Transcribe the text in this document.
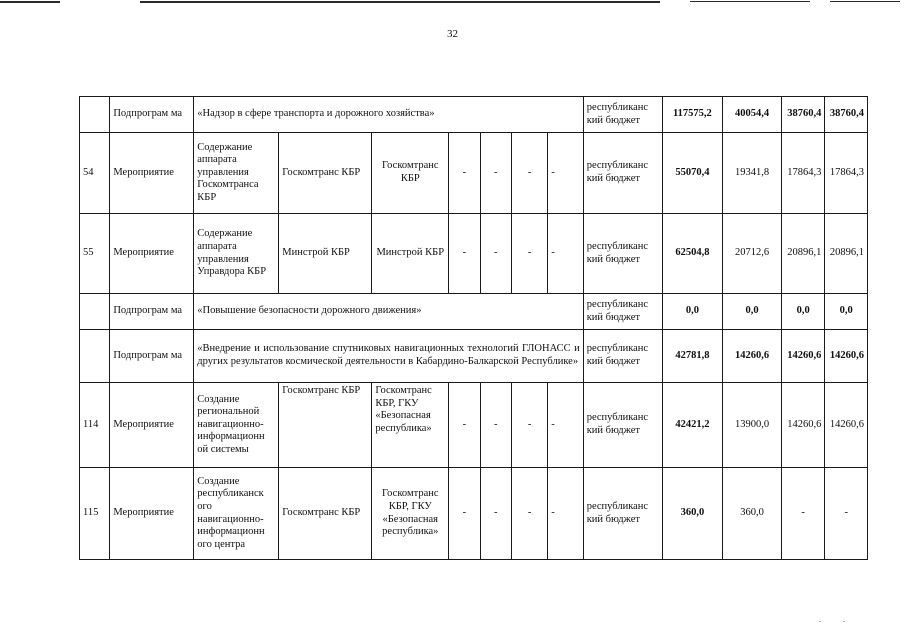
32
	Подпрограм ма	«Надзор в сфере транспорта и дорожного хозяйства»							республиканс кий бюджет	117575,2	40054,4	38760,4	38760,4
54	Мероприятие	Содержание аппарата управления Госкомтранса КБР	Госкомтранс КБР	Госкомтранс КБР	-	-	-	-	республиканс кий бюджет	55070,4	19341,8	17864,3	17864,3
55	Мероприятие	Содержание аппарата управления Управдора КБР	Минстрой КБР	Минстрой КБР	-	-	-	-	республиканс кий бюджет	62504,8	20712,6	20896,1	20896,1
	Подпрограм ма	«Повышение безопасности дорожного движения»							республиканс кий бюджет	0,0	0,0	0,0	0,0
	Подпрограм ма	«Внедрение и использование спутниковых навигационных технологий ГЛОНАСС и других результатов космической деятельности в Кабардино-Балкарской Республике»							республиканс кий бюджет	42781,8	14260,6	14260,6	14260,6
114	Мероприятие	Создание региональной навигационно-информационн ой системы	Госкомтранс КБР	Госкомтранс КБР, ГКУ «Безопасная республика»	-	-	-	-	республиканс кий бюджет	42421,2	13900,0	14260,6	14260,6
115	Мероприятие	Создание республиканск ого навигационно-информационн ого центра	Госкомтранс КБР	Госкомтранс КБР, ГКУ «Безопасная республика»	-	-	-	-	республиканс кий бюджет	360,0	360,0	-	-
..
